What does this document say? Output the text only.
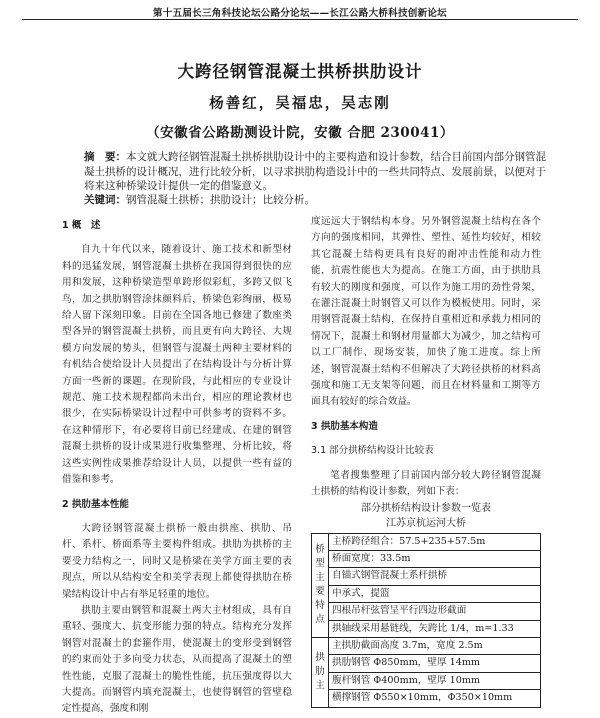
第十五届长三角科技论坛公路分论坛——长江公路大桥科技创新论坛
大跨径钢管混凝土拱桥拱肋设计
杨善红，吴福忠，吴志刚
（安徽省公路勘测设计院，安徽 合肥 230041）
摘　要：本文就大跨径钢管混凝土拱桥拱肋设计中的主要构造和设计参数，结合目前国内部分钢管混凝土拱桥的设计概况，进行比较分析，以寻求拱肋构造设计中的一些共同特点、发展前景，以便对于将来这种桥梁设计提供一定的借鉴意义。
关键词：钢管混凝土拱桥；拱肋设计；比较分析。
1 概　述

自九十年代以来，随着设计、施工技术和新型材料的迅猛发展，钢管混凝土拱桥在我国得到很快的应用和发展，这种桥梁造型单跨形似彩虹，多跨又似飞鸟，加之拱肋钢管涂抹颜料后，桥梁色彩绚丽，极易给人留下深刻印象。目前在全国各地已修建了数座类型各异的钢管混凝土拱桥，而且更有向大跨径、大规模方向发展的势头，但钢管与混凝土两种主要材料的有机结合使给设计人员提出了在结构设计与分析计算方面一些新的课题。在现阶段，与此相应的专业设计规范、施工技术规程都尚未出台，相应的理论教材也很少，在实际桥梁设计过程中可供参考的资料不多。在这种情形下，有必要将目前已经建成、在建的钢管混凝土拱桥的设计成果进行收集整理、分析比较，将这些实例性成果推荐给设计人员，以提供一些有益的借鉴和参考。

2 拱肋基本性能

大跨径钢管混凝土拱桥一般由拱座、拱肋、吊杆、系杆、桥面系等主要构件组成。拱肋为拱桥的主要受力结构之一，同时又是桥梁在美学方面主要的表现点，所以从结构安全和美学表现上都使得拱肋在桥梁结构设计中占有举足轻重的地位。

拱肋主要由钢管和混凝土两大主材组成，具有自重轻、强度大、抗变形能力强的特点。结构充分发挥钢管对混凝土的套箍作用，使混凝土的变形受到钢管的约束而处于多向受力状态，从而提高了混凝土的塑性性能，克服了混凝土的脆性性能，抗压强度得以大大提高。而钢管内填充混凝土，也使得钢管的管壁稳定性提高，强度和刚

度远远大于钢结构本身。另外钢管混凝土结构在各个方向的强度相同，其弹性、塑性、延性均较好，相较其它混凝土结构更具有良好的耐冲击性能和动力性能，抗震性能也大为提高。在施工方面，由于拱肋具有较大的刚度和强度，可以作为施工用的劲性骨架，在灌注混凝土时钢管又可以作为模板使用。同时，采用钢管混凝土结构，在保持自重相近和承载力相同的情况下，混凝土和钢材用量都大为减少，加之结构可以工厂制作、现场安装，加快了施工进度。综上所述，钢管混凝土结构不但解决了大跨径拱桥的材料高强度和施工无支架等问题，而且在材料量和工期等方面具有较好的综合效益。

3 拱肋基本构造
3.1 部分拱桥结构设计比较表

笔者搜集整理了目前国内部分较大跨径钢管混凝土拱桥的结构设计参数，列如下表：

部分拱桥结构设计参数一览表
江苏京杭运河大桥
桥型主要特点	主桥跨径组合：57.5+235+57.5m
	桥面宽度：33.5m
	自锚式钢管混凝土系杆拱桥
	中承式，提篮
	四根吊杆弦管呈平行四边形截面
	拱轴线采用悬链线，矢跨比 1/4，m=1.33
拱肋主	主拱肋截面高度 3.7m，宽度 2.5m
	拱肋钢管 Φ850mm，壁厚 14mm
	腹杆钢管 Φ400mm，壁厚 10mm
	横撑钢管 Φ550×10mm，Φ350×10mm
